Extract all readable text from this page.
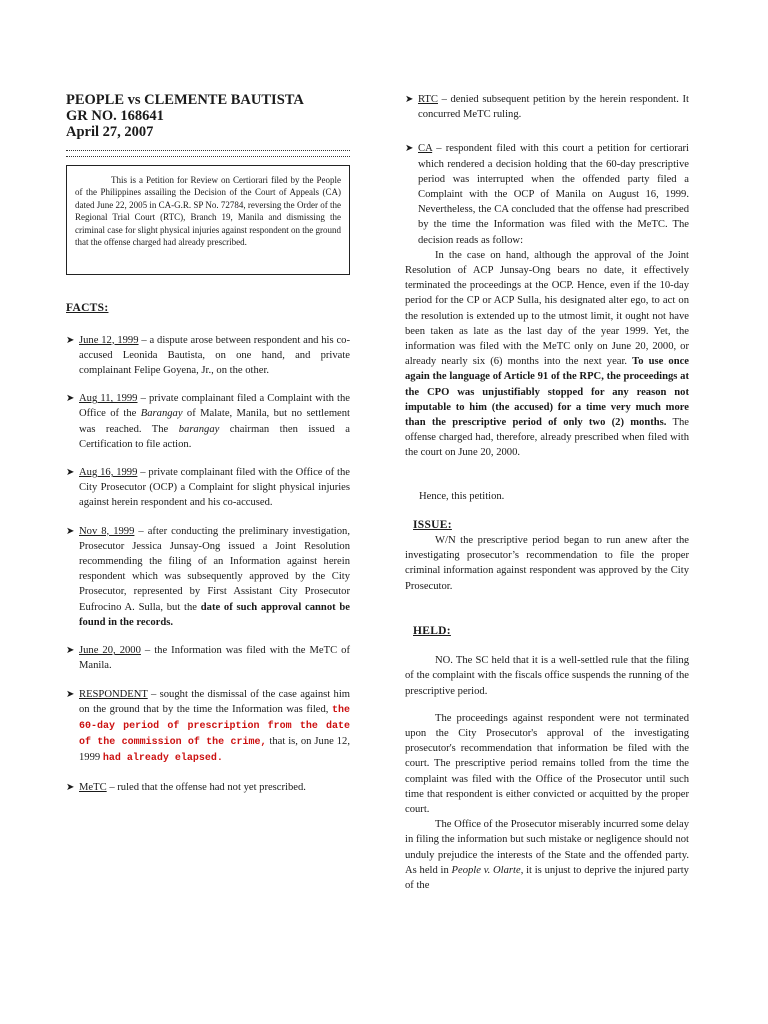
PEOPLE vs CLEMENTE BAUTISTA
GR NO. 168641
April 27, 2007
This is a Petition for Review on Certiorari filed by the People of the Philippines assailing the Decision of the Court of Appeals (CA) dated June 22, 2005 in CA-G.R. SP No. 72784, reversing the Order of the Regional Trial Court (RTC), Branch 19, Manila and dismissing the criminal case for slight physical injuries against respondent on the ground that the offense charged had already prescribed.
FACTS:
➤ June 12, 1999 – a dispute arose between respondent and his co-accused Leonida Bautista, on one hand, and private complainant Felipe Goyena, Jr., on the other.
➤ Aug 11, 1999 – private complainant filed a Complaint with the Office of the Barangay of Malate, Manila, but no settlement was reached. The barangay chairman then issued a Certification to file action.
➤ Aug 16, 1999 – private complainant filed with the Office of the City Prosecutor (OCP) a Complaint for slight physical injuries against herein respondent and his co-accused.
➤ Nov 8, 1999 – after conducting the preliminary investigation, Prosecutor Jessica Junsay-Ong issued a Joint Resolution recommending the filing of an Information against herein respondent which was subsequently approved by the City Prosecutor, represented by First Assistant City Prosecutor Eufrocino A. Sulla, but the date of such approval cannot be found in the records.
➤ June 20, 2000 – the Information was filed with the MeTC of Manila.
➤ RESPONDENT – sought the dismissal of the case against him on the ground that by the time the Information was filed, the 60-day period of prescription from the date of the commission of the crime, that is, on June 12, 1999 had already elapsed.
➤ MeTC – ruled that the offense had not yet prescribed.
➤ RTC – denied subsequent petition by the herein respondent. It concurred MeTC ruling.
➤ CA – respondent filed with this court a petition for certiorari which rendered a decision holding that the 60-day prescriptive period was interrupted when the offended party filed a Complaint with the OCP of Manila on August 16, 1999. Nevertheless, the CA concluded that the offense had prescribed by the time the Information was filed with the MeTC. The decision reads as follow:
In the case on hand, although the approval of the Joint Resolution of ACP Junsay-Ong bears no date, it effectively terminated the proceedings at the OCP. Hence, even if the 10-day period for the CP or ACP Sulla, his designated alter ego, to act on the resolution is extended up to the utmost limit, it ought not have been taken as late as the last day of the year 1999. Yet, the information was filed with the MeTC only on June 20, 2000, or already nearly six (6) months into the next year. To use once again the language of Article 91 of the RPC, the proceedings at the CPO was unjustifiably stopped for any reason not imputable to him (the accused) for a time very much more than the prescriptive period of only two (2) months. The offense charged had, therefore, already prescribed when filed with the court on June 20, 2000.
Hence, this petition.
ISSUE:
W/N the prescriptive period began to run anew after the investigating prosecutor’s recommendation to file the proper criminal information against respondent was approved by the City Prosecutor.
HELD:
NO. The SC held that it is a well-settled rule that the filing of the complaint with the fiscals office suspends the running of the prescriptive period.
The proceedings against respondent were not terminated upon the City Prosecutor's approval of the investigating prosecutor's recommendation that information be filed with the court. The prescriptive period remains tolled from the time the complaint was filed with the Office of the Prosecutor until such time that respondent is either convicted or acquitted by the proper court.
The Office of the Prosecutor miserably incurred some delay in filing the information but such mistake or negligence should not unduly prejudice the interests of the State and the offended party. As held in People v. Olarte, it is unjust to deprive the injured party of the
